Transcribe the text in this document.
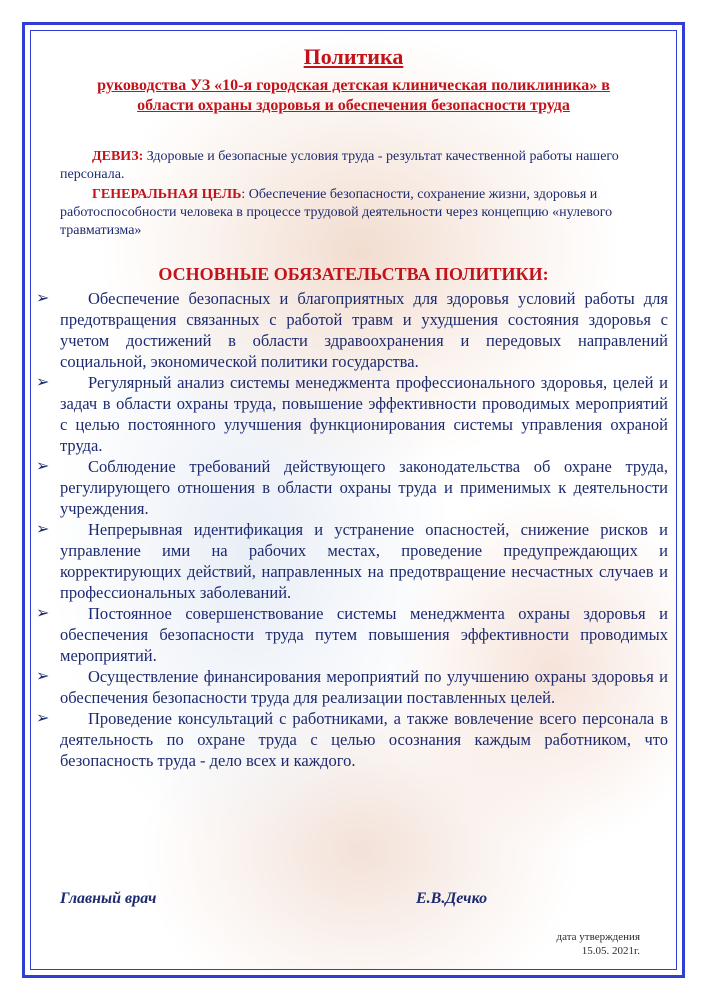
Политика
руководства УЗ «10-я городская детская клиническая поликлиника» в
области охраны здоровья и обеспечения безопасности труда

ДЕВИЗ: Здоровые и безопасные условия труда - результат качественной работы нашего персонала.

ГЕНЕРАЛЬНАЯ ЦЕЛЬ: Обеспечение безопасности, сохранение жизни, здоровья и работоспособности человека в процессе трудовой деятельности через концепцию «нулевого травматизма»

ОСНОВНЫЕ ОБЯЗАТЕЛЬСТВА ПОЛИТИКИ:
➢	Обеспечение безопасных и благоприятных для здоровья условий работы для предотвращения связанных с работой травм и ухудшения состояния здоровья с учетом достижений в области здравоохранения и передовых направлений социальной, экономической политики государства.
➢	Регулярный анализ системы менеджмента профессионального здоровья, целей и задач в области охраны труда, повышение эффективности проводимых мероприятий с целью постоянного улучшения функционирования системы управления охраной труда.
➢	Соблюдение требований действующего законодательства об охране труда, регулирующего отношения в области охраны труда и применимых к деятельности учреждения.
➢	Непрерывная идентификация и устранение опасностей, снижение рисков и управление ими на рабочих местах, проведение предупреждающих и корректирующих действий, направленных на предотвращение несчастных случаев и профессиональных заболеваний.
➢	Постоянное совершенствование системы менеджмента охраны здоровья и обеспечения безопасности труда путем повышения эффективности проводимых мероприятий.
➢	Осуществление финансирования мероприятий по улучшению охраны здоровья и обеспечения безопасности труда для реализации поставленных целей.
➢	Проведение консультаций с работниками, а также вовлечение всего персонала в деятельность по охране труда с целью осознания каждым работником, что безопасность труда - дело всех и каждого.

Главный врач	Е.В.Дечко

дата утверждения

15.05. 2021г.
